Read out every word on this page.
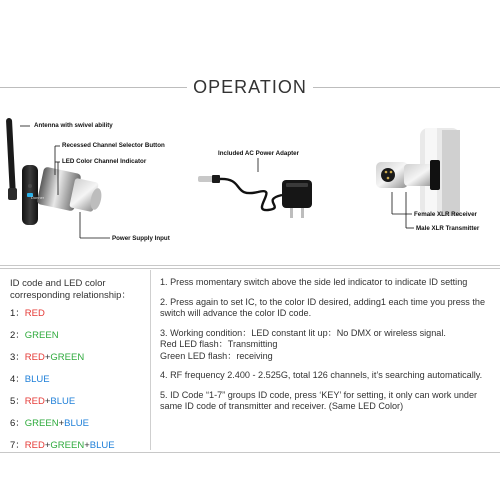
OPERATION
Donner
Antenna with swivel ability
Recessed Channel Selector Button
LED Color Channel Indicator
Power Supply Input
Included AC Power Adapter
Female XLR Receiver
Male XLR Transmitter
ID code and LED color corresponding relationship：
1：RED
2：GREEN
3：RED+GREEN
4：BLUE
5：RED+BLUE
6：GREEN+BLUE
7：RED+GREEN+BLUE

1. Press momentary switch above the side led indicator to indicate ID setting

2. Press again to set IC, to the color ID desired, adding1 each time you press the switch will advance the color ID code.

3. Working condition：LED constant lit up：No DMX or wireless signal.
Red LED flash：Transmitting
Green LED flash：receiving

4. RF frequency 2.400 - 2.525G, total 126 channels, it’s searching automatically.

5. ID Code “1-7” groups ID code, press ‘KEY’ for setting, it only can work under same ID code of transmitter and receiver. (Same LED Color)
